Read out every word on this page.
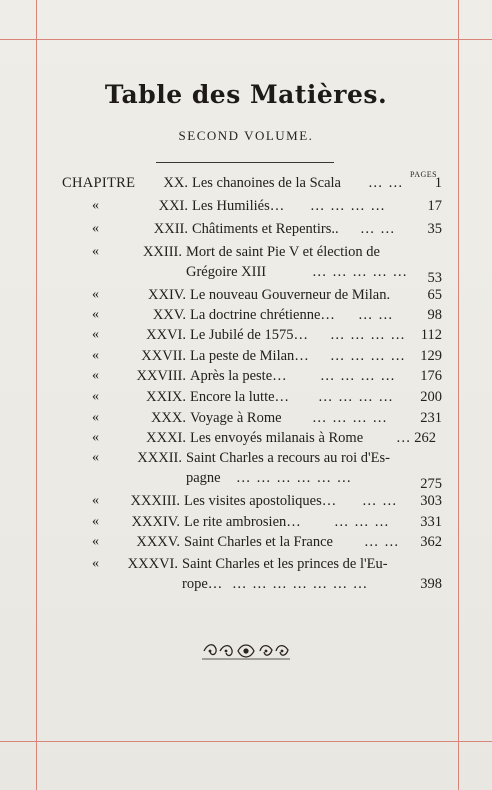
Table des Matières.
SECOND VOLUME.
PAGES
CHAPITRE	XX. Les chanoines de la Scala … …	1
«	XXI. Les Humiliés… … … … …	17
«	XXII. Châtiments et Repentirs.. … …	35
«	XXIII. Mort de saint Pie V et élection de
Grégoire XIII	… … … … …	53
«	XXIV. Le nouveau Gouverneur de Milan.	65
«	XXV. La doctrine chrétienne… … …	98
«	XXVI. Le Jubilé de 1575… … … … …	112
«	XXVII. La peste de Milan… … … … … 129
«	XXVIII. Après la peste… … … … …	176
«	XXIX. Encore la lutte… … … … …	200
«	XXX. Voyage à Rome … … … …	231
«	XXXI. Les envoyés milanais à Rome … 262
«	XXXII. Saint Charles a recours au roi d'Es-
pagne … … … … … …	275
«	XXXIII. Les visites apostoliques… … …	303
«	XXXIV. Le rite ambrosien… … … …	331
«	XXXV. Saint Charles et la France … …	362
«	XXXVI. Saint Charles et les princes de l'Eu-
rope… … … … … … … …	398
